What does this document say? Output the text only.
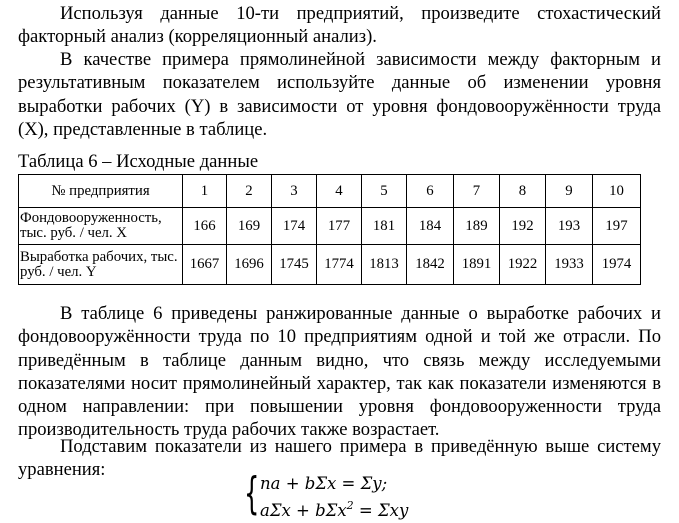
Используя данные 10-ти предприятий, произведите стохастический факторный анализ (корреляционный анализ).

В качестве примера прямолинейной зависимости между факторным и результативным показателем используйте данные об изменении уровня выработки рабочих (Y) в зависимости от уровня фондовооружённости труда (X), представленные в таблице.

Таблица 6 – Исходные данные

№ предприятия	1	2	3	4	5	6	7	8	9	10
Фондовооруженность, тыс. руб. / чел. X	166	169	174	177	181	184	189	192	193	197
Выработка рабочих, тыс. руб. / чел. Y	1667	1696	1745	1774	1813	1842	1891	1922	1933	1974

В таблице 6 приведены ранжированные данные о выработке рабочих и фондовооружённости труда по 10 предприятиям одной и той же отрасли. По приведённым в таблице данным видно, что связь между исследуемыми показателями носит прямолинейный характер, так как показатели изменяются в одном направлении: при повышении уровня фондовооруженности труда производительность труда рабочих также возрастает.

Подставим показатели из нашего примера в приведённую выше систему уравнения:	{ na + bΣx = Σy;
aΣx + bΣx$^2$ = Σxy
